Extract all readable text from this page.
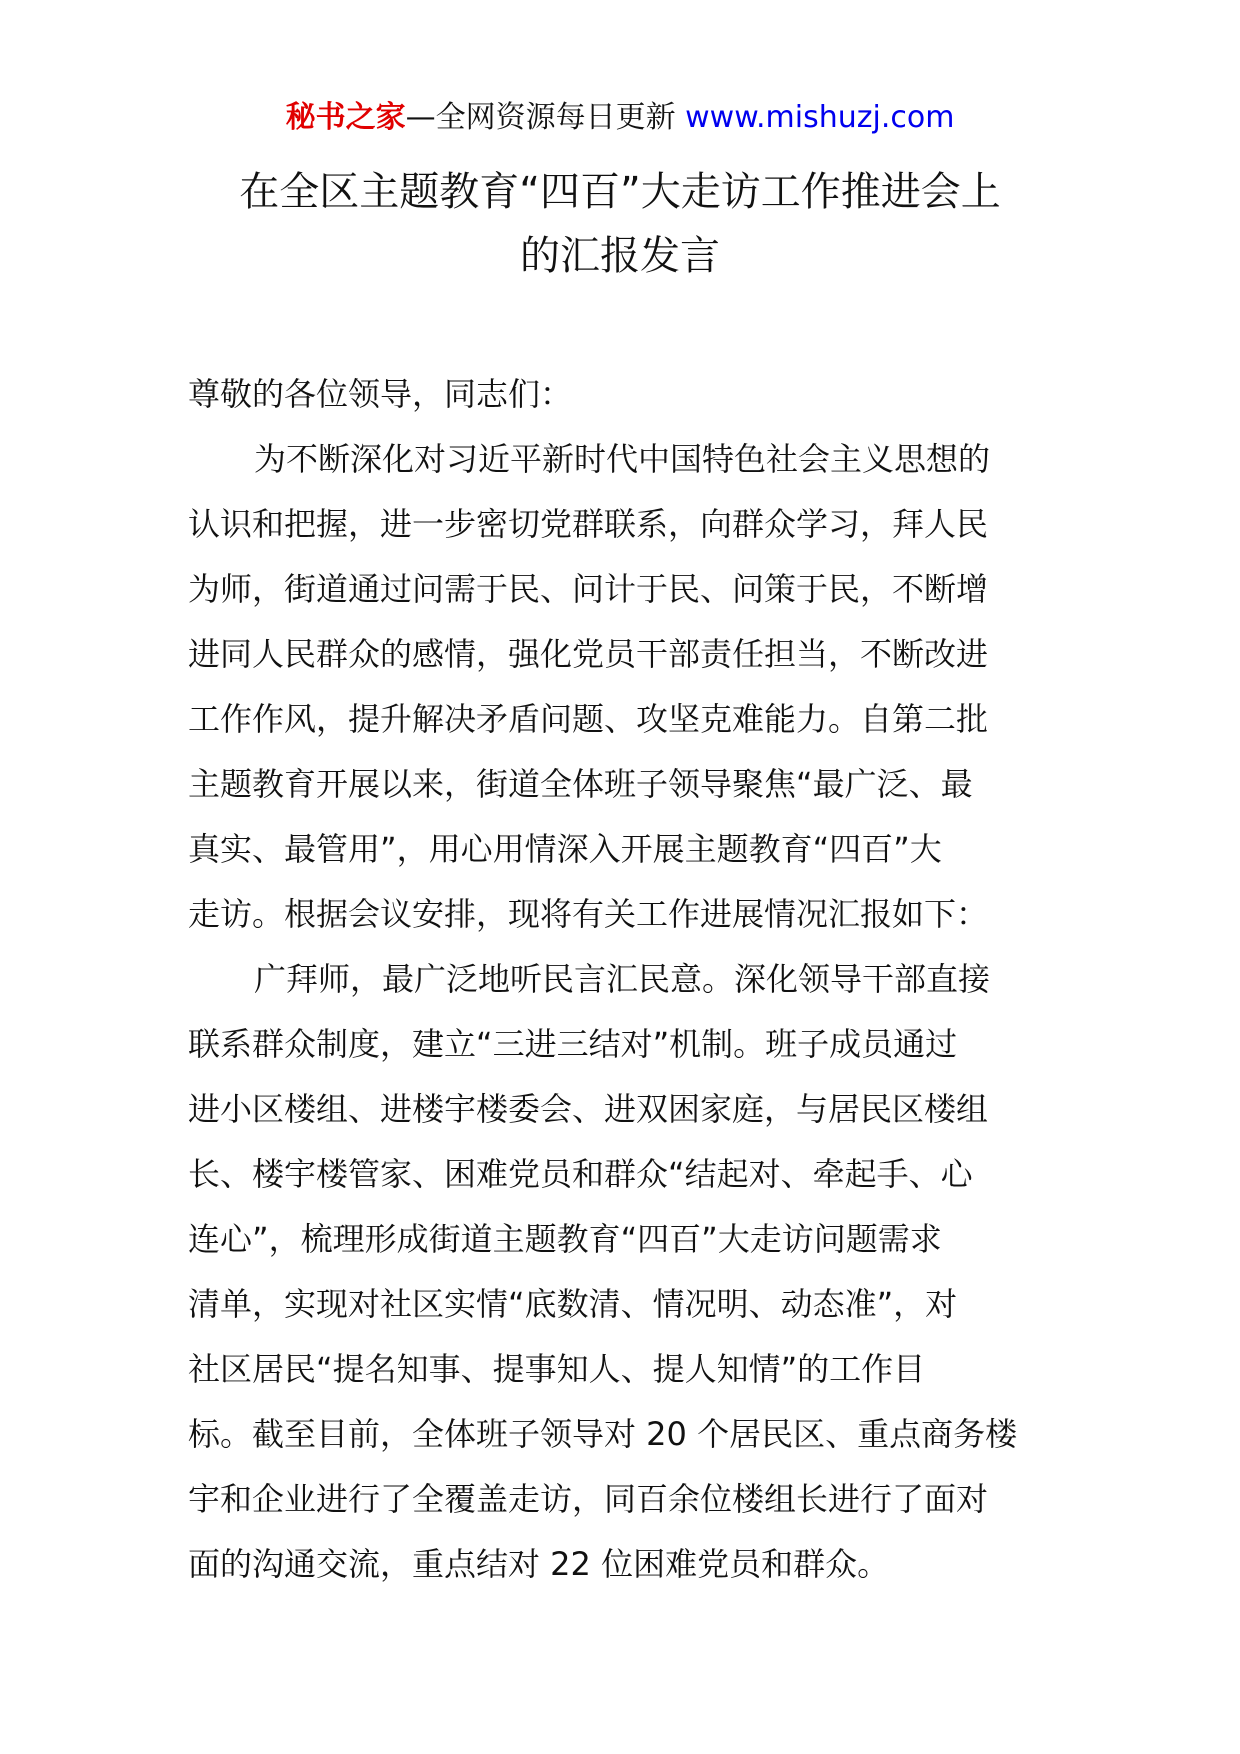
秘书之家—全网资源每日更新 www.mishuzj.com
在全区主题教育“四百”大走访工作推进会上
的汇报发言
尊敬的各位领导，同志们：
为不断深化对习近平新时代中国特色社会主义思想的
认识和把握，进一步密切党群联系，向群众学习，拜人民
为师，街道通过问需于民、问计于民、问策于民，不断增
进同人民群众的感情，强化党员干部责任担当，不断改进
工作作风，提升解决矛盾问题、攻坚克难能力。自第二批
主题教育开展以来，街道全体班子领导聚焦“最广泛、最
真实、最管用”，用心用情深入开展主题教育“四百”大
走访。根据会议安排，现将有关工作进展情况汇报如下：
广拜师，最广泛地听民言汇民意。深化领导干部直接
联系群众制度，建立“三进三结对”机制。班子成员通过
进小区楼组、进楼宇楼委会、进双困家庭，与居民区楼组
长、楼宇楼管家、困难党员和群众“结起对、牵起手、心
连心”，梳理形成街道主题教育“四百”大走访问题需求
清单，实现对社区实情“底数清、情况明、动态准”，对
社区居民“提名知事、提事知人、提人知情”的工作目
标。截至目前，全体班子领导对 20 个居民区、重点商务楼
宇和企业进行了全覆盖走访，同百余位楼组长进行了面对
面的沟通交流，重点结对 22 位困难党员和群众。
